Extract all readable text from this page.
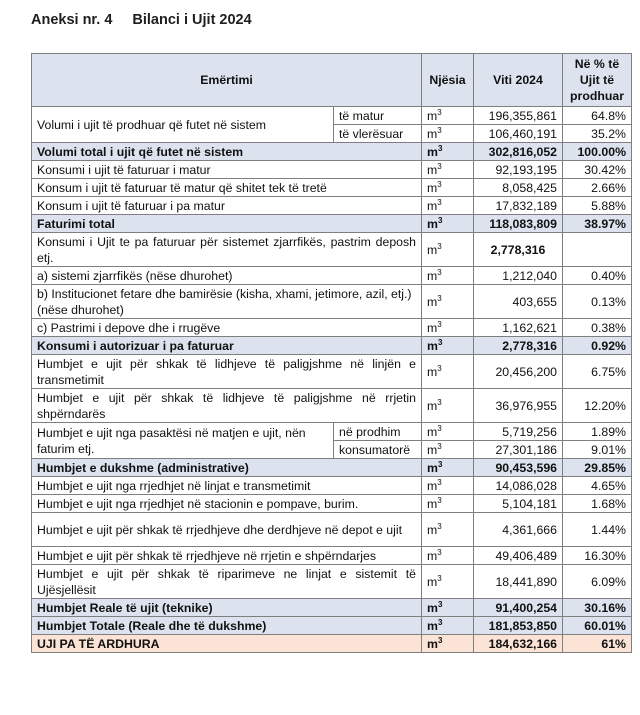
Aneksi nr. 4 Bilanci i Ujit 2024
Emërtimi		Njësia	Viti 2024	Në % të Ujit të prodhuar
Volumi i ujit të prodhuar që futet në sistem	të matur	$m^3$	196,355,861	64.8%
	të vlerësuar	$m^3$	106,460,191	35.2%
Volumi total i ujit që futet në sistem		$m^3$	302,816,052	100.00%
Konsumi i ujit të faturuar i matur		$m^3$	92,193,195	30.42%
Konsum i ujit të faturuar të matur që shitet tek të tretë		$m^3$	8,058,425	2.66%
Konsum i ujit të faturuar i pa matur		$m^3$	17,832,189	5.88%
Faturimi total		$m^3$	118,083,809	38.97%
Konsumi i Ujit te pa faturuar për sistemet zjarrfikës, pastrim deposh etj.		$m^3$	2,778,316	
a) sistemi zjarrfikës (nëse dhurohet)		$m^3$	1,212,040	0.40%
b) Institucionet fetare dhe bamirësie (kisha, xhami, jetimore, azil, etj.) (nëse dhurohet)		$m^3$	403,655	0.13%
c) Pastrimi i depove dhe i rrugëve		$m^3$	1,162,621	0.38%
Konsumi i autorizuar i pa faturuar		$m^3$	2,778,316	0.92%
Humbjet e ujit për shkak të lidhjeve të paligjshme në linjën e transmetimit		$m^3$	20,456,200	6.75%
Humbjet e ujit për shkak të lidhjeve të paligjshme në rrjetin shpërndarës		$m^3$	36,976,955	12.20%
Humbjet e ujit nga pasaktësi në matjen e ujit, nën faturim etj.	në prodhim	$m^3$	5,719,256	1.89%
	konsumatorë	$m^3$	27,301,186	9.01%
Humbjet e dukshme (administrative)		$m^3$	90,453,596	29.85%
Humbjet e ujit nga rrjedhjet në linjat e transmetimit		$m^3$	14,086,028	4.65%
Humbjet e ujit nga rrjedhjet në stacionin e pompave, burim.		$m^3$	5,104,181	1.68%
Humbjet e ujit për shkak të rrjedhjeve dhe derdhjeve në depot e ujit		$m^3$	4,361,666	1.44%
Humbjet e ujit për shkak të rrjedhjeve në rrjetin e shpërndarjes		$m^3$	49,406,489	16.30%
Humbjet e ujit për shkak të riparimeve ne linjat e sistemit të Ujësjellësit		$m^3$	18,441,890	6.09%
Humbjet Reale të ujit (teknike)		$m^3$	91,400,254	30.16%
Humbjet Totale (Reale dhe të dukshme)		$m^3$	181,853,850	60.01%
UJI PA TË ARDHURA		$m^3$	184,632,166	61%
